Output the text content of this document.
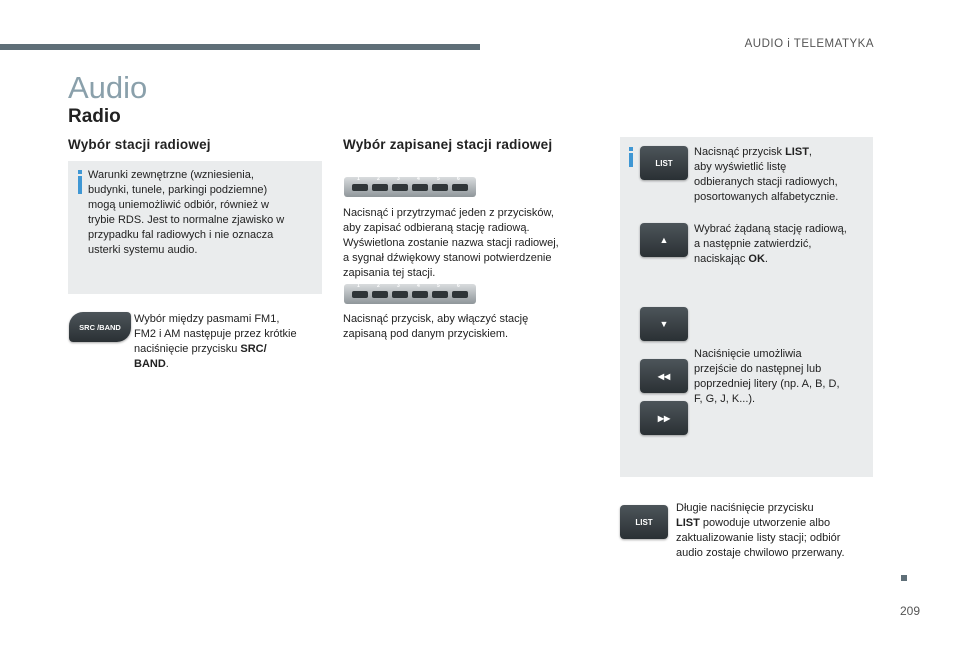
AUDIO i TELEMATYKA
Audio
Radio
Wybór stacji radiowej
Warunki zewnętrzne (wzniesienia,
budynki, tunele, parkingi podziemne)
mogą uniemożliwić odbiór, również w
trybie RDS. Jest to normalne zjawisko w
przypadku fal radiowych i nie oznacza
usterki systemu audio.
SRC /BAND
Wybór między pasmami FM1,
FM2 i AM następuje przez krótkie
naciśnięcie przycisku SRC/
BAND.
Wybór zapisanej stacji radiowej
1	2	3	4	5	6
Nacisnąć i przytrzymać jeden z przycisków,
aby zapisać odbieraną stację radiową.
Wyświetlona zostanie nazwa stacji radiowej,
a sygnał dźwiękowy stanowi potwierdzenie
zapisania tej stacji.
1	2	3	4	5	6
Nacisnąć przycisk, aby włączyć stację
zapisaną pod danym przyciskiem.
LIST
Nacisnąć przycisk LIST,
aby wyświetlić listę
odbieranych stacji radiowych,
posortowanych alfabetycznie.
▲
Wybrać żądaną stację radiową,
a następnie zatwierdzić,
naciskając OK.
▼
◀◀
▶▶
Naciśnięcie umożliwia
przejście do następnej lub
poprzedniej litery (np. A, B, D,
F, G, J, K...).
LIST
Długie naciśnięcie przycisku
LIST powoduje utworzenie albo
zaktualizowanie listy stacji; odbiór
audio zostaje chwilowo przerwany.
209
